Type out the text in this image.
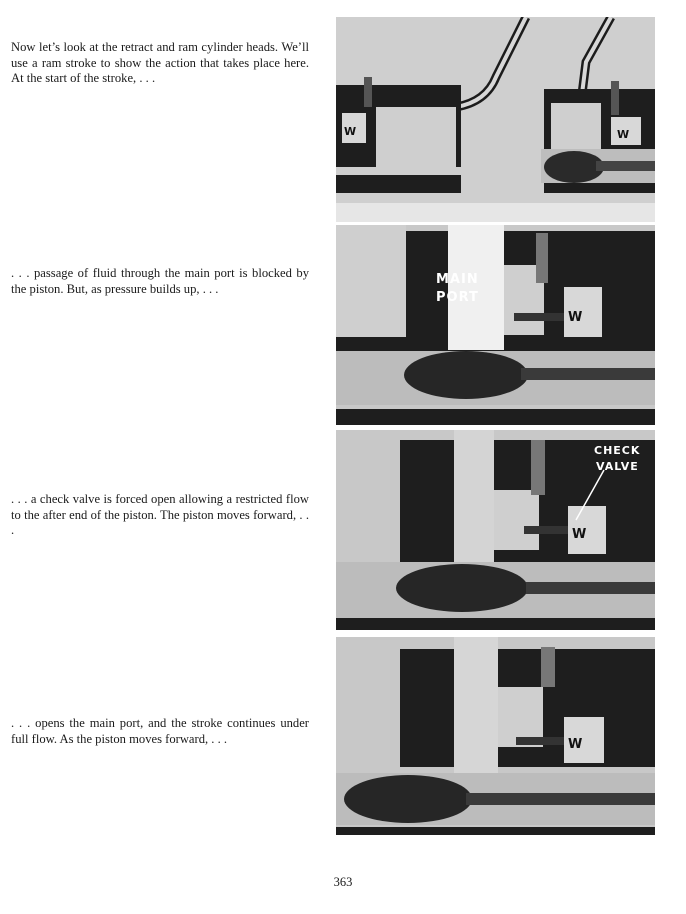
Now let’s look at the retract and ram cylinder heads. We’ll use a ram stroke to show the action that takes place here. At the start of the stroke, . . .

. . . passage of fluid through the main port is blocked by the piston. But, as pressure builds up, . . .

. . . a check valve is forced open allowing a restricted flow to the after end of the piston. The piston moves forward, . . .

. . . opens the main port, and the stroke continues under full flow. As the piston moves forward, . . .

W	W
W
MAIN
PORT
W
CHECK
VALVE
W
363
